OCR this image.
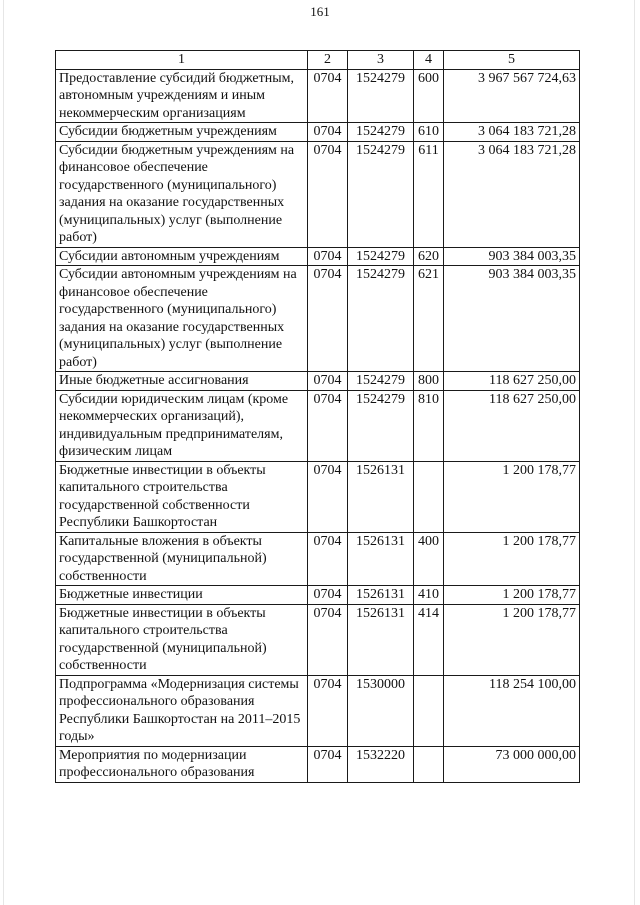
161
1	2	3	4	5
Предоставление субсидий бюджетным, автономным учреждениям и иным некоммерческим организациям	0704	1524279	600	3 967 567 724,63
Субсидии бюджетным учреждениям	0704	1524279	610	3 064 183 721,28
Субсидии бюджетным учреждениям на финансовое обеспечение государственного (муниципального) задания на оказание государственных (муниципальных) услуг (выполнение работ)	0704	1524279	611	3 064 183 721,28
Субсидии автономным учреждениям	0704	1524279	620	903 384 003,35
Субсидии автономным учреждениям на финансовое обеспечение государственного (муниципального) задания на оказание государственных (муниципальных) услуг (выполнение работ)	0704	1524279	621	903 384 003,35
Иные бюджетные ассигнования	0704	1524279	800	118 627 250,00
Субсидии юридическим лицам (кроме некоммерческих организаций), индивидуальным предпринимателям, физическим лицам	0704	1524279	810	118 627 250,00
Бюджетные инвестиции в объекты капитального строительства государственной собственности Республики Башкортостан	0704	1526131		1 200 178,77
Капитальные вложения в объекты государственной (муниципальной) собственности	0704	1526131	400	1 200 178,77
Бюджетные инвестиции	0704	1526131	410	1 200 178,77
Бюджетные инвестиции в объекты капитального строительства государственной (муниципальной) собственности	0704	1526131	414	1 200 178,77
Подпрограмма «Модернизация системы профессионального образования Республики Башкортостан на 2011–2015 годы»	0704	1530000		118 254 100,00
Мероприятия по модернизации профессионального образования	0704	1532220		73 000 000,00
